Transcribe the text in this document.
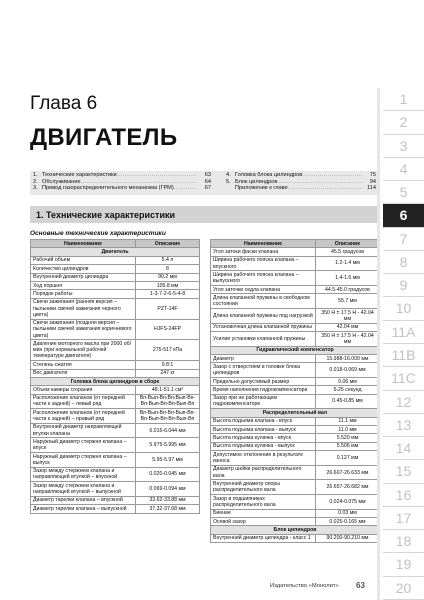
Глава 6
ДВИГАТЕЛЬ
1. Технические характеристики .....	63
2. Обслуживание .....	64
3. Привод газораспределительного механизма (ГРМ) .....	67
4. Головка блока цилиндров .....	75
5. Блок цилиндров .....	94
Приложение к главе .....	114
1. Технические характеристики
Основные технические характеристики
Наименование	Описание
Двигатель	
Рабочий объем	5.4 л
Количество цилиндров	8
Внутренний диаметр цилиндра	90.2 мм
Ход поршня	105.8 мм
Порядок работы	1-3-7-2-6-5-4-8
Свечи зажигания (ранняя версия – пыльники свечей зажигания черного цвета)	PZT-14F
Свечи зажигания (поздняя версия – пыльники свечей зажигания коричневого цвета)	HJFS-24FP
Давление моторного масла при 2000 об/мин (при нормальной рабочей температуре двигателя)	275-517 кПа
Степень сжатия	9.8:1
Вес двигателя	247 кг
Головка блока цилиндров в сборе	
Объем камеры сгорания	48.1-51.1 см³
Расположение клапанов (от передней части к задней) – левый ряд	Вп-Вып-Вп-Вп-Вып-Вп-Вп-Вып-Вп-Вп-Вып-Вп
Расположение клапанов (от передней части к задней) – правый ряд	Вп-Вып-Вп-Вп-Вып-Вп-Вп-Вып-Вп-Вп-Вып-Вп
Внутренний диаметр направляющей втулки клапана	6.015-6.044 мм
Наружный диаметр стержня клапана – впуск	5.975-5.995 мм
Наружный диаметр стержня клапана – выпуск	5.95-5.97 мм
Зазор между стержнем клапана и направляющей втулкой – впускной	0.020-0.045 мм
Зазор между стержнем клапана и направляющей втулкой – выпускной	0.069-0.094 мм
Диаметр тарелки клапана – впускной	33.62-33.88 мм
Диаметр тарелки клапана – выпускной	37.32-37.68 мм
Наименование	Описание
Угол затоки фаски клапана	45.5 градусов
Ширина рабочего пояска клапана – впускного	1.2-1.4 мм
Ширина рабочего пояска клапана – выпускного	1.4-1.6 мм
Угол заточки седла клапана	44.5-45.0 градусов
Длина клапанной пружины в свободном состоянии	55.7 мм
Длина клапанной пружины под нагрузкой	350 Н ± 17.5 Н - 42.04 мм
Установочная длина клапанной пружины	42.04 мм
Усилие установки клапанной пружины	350 Н ± 17.5 Н - 42.04 мм
Гидравлический компенсатор	
Диаметр	15.988-16.000 мм
Зазор с отверстием в головке блока цилиндров	0.018-0.069 мм
Предельно допустимый размер	0.06 мм
Время наполнения гидрокомпенсатора	5-25 секунд
Зазор при не работающем гидрокомпенсаторе	0.45-0.85 мм
Распределительный вал	
Высота подъема клапана - впуск	11.1 мм
Высота подъема клапана - выпуск	11.0 мм
Высота подъема кулачка - впуск	5.520 мм
Высота подъема кулачка - выпуск	5.506 мм
Допустимое отклонение в результате износа	0.127 мм
Диаметр шейки распределительного вала	26.607-26.633 мм
Внутренний диаметр опоры распределительного вала	26.657-26.682 мм
Зазор в подшипниках распределительного вала	0.024-0.075 мм
Биение	0.03 мм
Осевой зазор	0.025-0.165 мм
Блок цилиндров	
Внутренний диаметр цилиндра - класс 1	90.200-90.210 мм
1
2
3
4
5
6
7
8
9
10
11A
11B
11C
12
13
14
15
16
17
18
19
20
Издательство «Монолит» 63
